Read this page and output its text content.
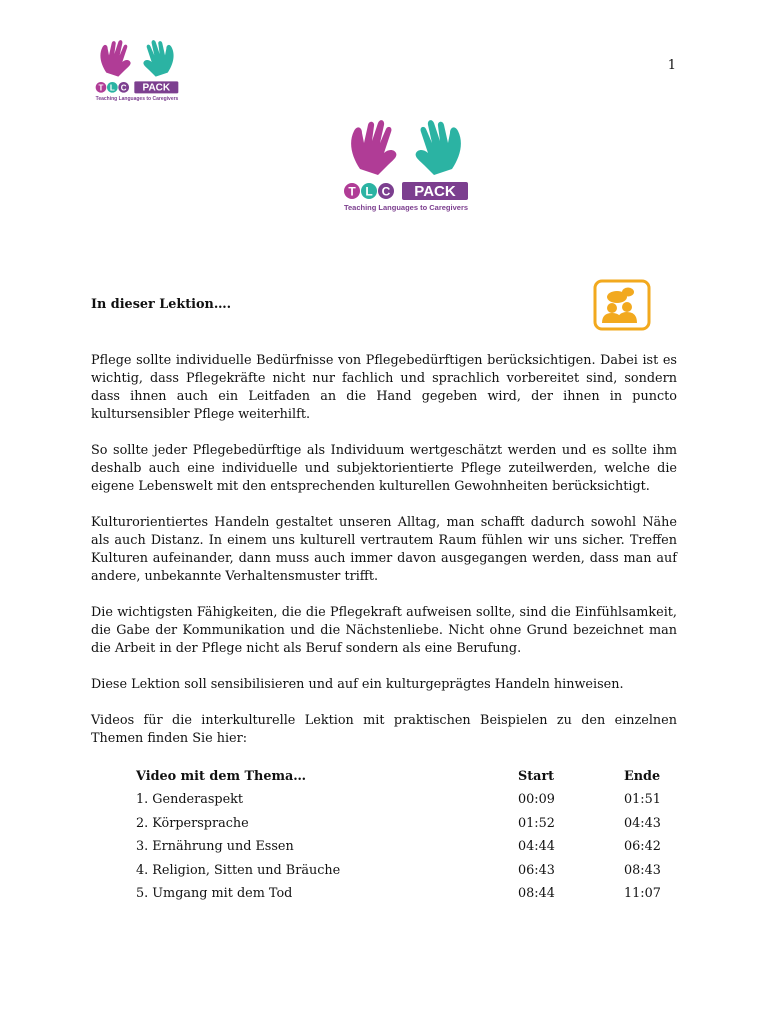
1
T L C PACK
Teaching Languages to Caregivers
T L C PACK
Teaching Languages to Caregivers

In dieser Lektion….

Pflege sollte individuelle Bedürfnisse von Pflegebedürftigen berücksichtigen. Dabei ist es wichtig, dass Pflegekräfte nicht nur fachlich und sprachlich vorbereitet sind, sondern dass ihnen auch ein Leitfaden an die Hand gegeben wird, der ihnen in puncto kultursensibler Pflege weiterhilft.

So sollte jeder Pflegebedürftige als Individuum wertgeschätzt werden und es sollte ihm deshalb auch eine individuelle und subjektorientierte Pflege zuteilwerden, welche die eigene Lebenswelt mit den entsprechenden kulturellen Gewohnheiten berücksichtigt.

Kulturorientiertes Handeln gestaltet unseren Alltag, man schafft dadurch sowohl Nähe als auch Distanz. In einem uns kulturell vertrautem Raum fühlen wir uns sicher. Treffen Kulturen aufeinander, dann muss auch immer davon ausgegangen werden, dass man auf andere, unbekannte Verhaltensmuster trifft.

Die wichtigsten Fähigkeiten, die die Pflegekraft aufweisen sollte, sind die Einfühlsamkeit, die Gabe der Kommunikation und die Nächstenliebe. Nicht ohne Grund bezeichnet man die Arbeit in der Pflege nicht als Beruf sondern als eine Berufung.

Diese Lektion soll sensibilisieren und auf ein kulturgeprägtes Handeln hinweisen.

Videos für die interkulturelle Lektion mit praktischen Beispielen zu den einzelnen Themen finden Sie hier:

Video mit dem Thema…	Start	Ende
1. Genderaspekt	00:09	01:51
2. Körpersprache	01:52	04:43
3. Ernährung und Essen	04:44	06:42
4. Religion, Sitten und Bräuche	06:43	08:43
5. Umgang mit dem Tod	08:44	11:07
